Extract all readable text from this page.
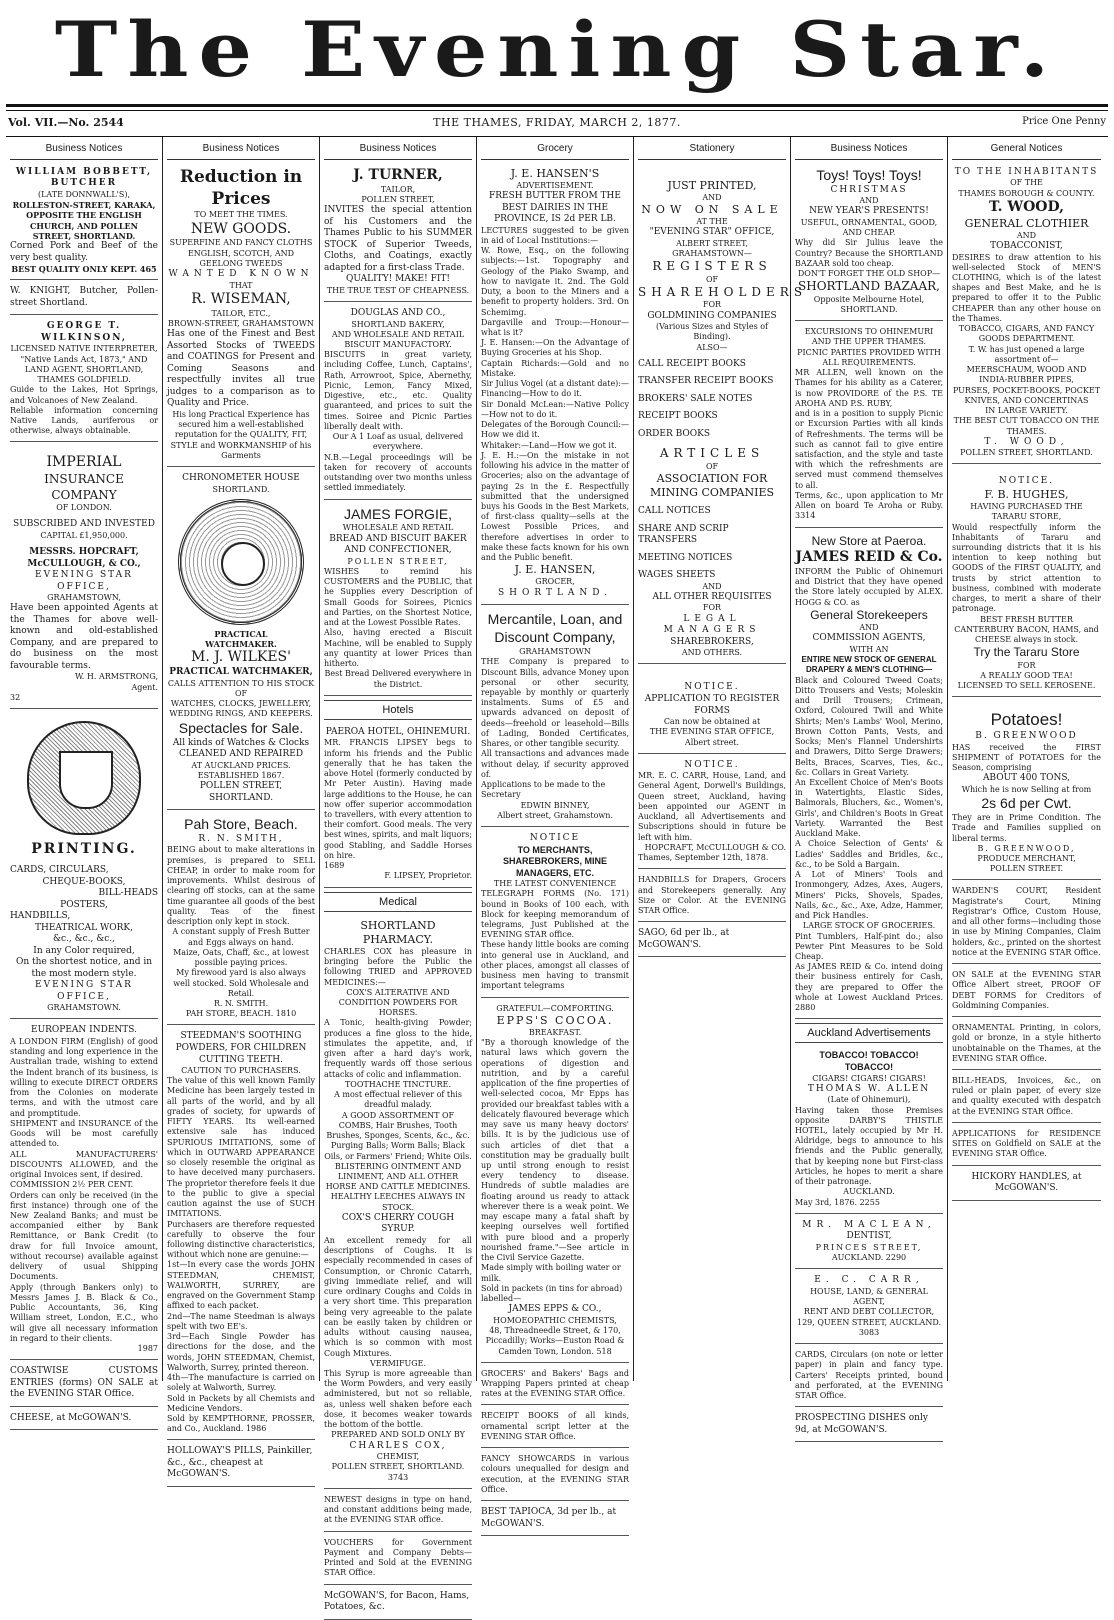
The Evening Star.
Vol. VII.—No. 2544	THE THAMES, FRIDAY, MARCH 2, 1877.	Price One Penny
Business Notices
WILLIAM BOBBETT, BUTCHER
(LATE DONNWALL'S),
ROLLESTON-STREET, KARAKA, OPPOSITE THE ENGLISH CHURCH, AND POLLEN STREET, SHORTLAND.
Corned Pork and Beef of the very best quality.
BEST QUALITY ONLY KEPT. 465
W. KNIGHT, Butcher, Pollen-street Shortland.
GEORGE T. WILKINSON,
LICENSED NATIVE INTERPRETER, "Native Lands Act, 1873," AND LAND AGENT, SHORTLAND, THAMES GOLDFIELD.
Guide to the Lakes, Hot Springs, and Volcanoes of New Zealand.
Reliable information concerning Native Lands, auriferous or otherwise, always obtainable.
IMPERIAL
INSURANCE COMPANY
OF LONDON.
SUBSCRIBED AND INVESTED
CAPITAL £1,950,000.
MESSRS. HOPCRAFT, McCULLOUGH, & CO.,
EVENING STAR OFFICE,
GRAHAMSTOWN,
Have been appointed Agents at the Thames for above well-known and old-established Company, and are prepared to do business on the most favourable terms.
W. H. ARMSTRONG,
Agent.
32
PRINTING.
CARDS, CIRCULARS,
CHEQUE-BOOKS,
BILL-HEADS
POSTERS,
HANDBILLS,
THEATRICAL WORK,
&c., &c., &c.,
In any Color required,
On the shortest notice, and in the most modern style.
EVENING STAR OFFICE,
GRAHAMSTOWN.
EUROPEAN INDENTS.
A LONDON FIRM (English) of good standing and long experience in the Australian trade, wishing to extend the Indent branch of its business, is willing to execute DIRECT ORDERS from the Colonies on moderate terms, and with the utmost care and promptitude.
SHIPMENT and INSURANCE of the Goods will be most carefully attended to.
ALL MANUFACTURERS' DISCOUNTS ALLOWED, and the original Invoices sent, if desired.
COMMISSION 2½ PER CENT.
Orders can only be received (in the first instance) through one of the New Zealand Banks; and must be accompanied either by Bank Remittance, or Bank Credit (to draw for full Invoice amount, without recourse) available against delivery of usual Shipping Documents.
Apply (through Bankers only) to Messrs James J. B. Black & Co., Public Accountants, 36, King William street, London, E.C., who will give all necessary information in regard to their clients.
1987
COASTWISE CUSTOMS ENTRIES (forms) ON SALE at the EVENING STAR Office.
CHEESE, at McGOWAN'S.
Business Notices
Reduction in Prices
TO MEET THE TIMES.
NEW GOODS.
SUPERFINE AND FANCY CLOTHS
ENGLISH, SCOTCH, AND GEELONG TWEEDS
WANTED KNOWN
THAT
R. WISEMAN,
TAILOR, ETC.,
BROWN-STREET, GRAHAMSTOWN
Has one of the Finest and Best Assorted Stocks of TWEEDS and COATINGS for Present and Coming Seasons and respectfully invites all true judges to a comparison as to Quality and Price.
His long Practical Experience has secured him a well-established reputation for the QUALITY, FIT, STYLE and WORKMANSHIP of his Garments
CHRONOMETER HOUSE
SHORTLAND.
PRACTICAL
WATCHMAKER.
M. J. WILKES'
PRACTICAL WATCHMAKER,
CALLS ATTENTION TO HIS STOCK OF
WATCHES, CLOCKS, JEWELLERY, WEDDING RINGS, AND KEEPERS.
Spectacles for Sale.
All kinds of Watches & Clocks CLEANED AND REPAIRED
AT AUCKLAND PRICES.
ESTABLISHED 1867.
POLLEN STREET, SHORTLAND.
Pah Store, Beach.
R. N. SMITH,
BEING about to make alterations in premises, is prepared to SELL CHEAP, in order to make room for improvements. Whilst desirous of clearing off stocks, can at the same time guarantee all goods of the best quality. Teas of the finest description only kept in stock.
A constant supply of Fresh Butter and Eggs always on hand.
Maize, Oats, Chaff, &c., at lowest possible paying prices.
My firewood yard is also always well stocked. Sold Wholesale and Retail.
R. N. SMITH.
PAH STORE, BEACH. 1810
STEEDMAN'S SOOTHING POWDERS, FOR CHILDREN CUTTING TEETH.
CAUTION TO PURCHASERS.
The value of this well known Family Medicine has been largely tested in all parts of the world, and by all grades of society, for upwards of FIFTY YEARS. Its well-earned extensive sale has induced SPURIOUS IMITATIONS, some of which in OUTWARD APPEARANCE so closely resemble the original as to have deceived many purchasers. The proprietor therefore feels it due to the public to give a special caution against the use of SUCH IMITATIONS.
Purchasers are therefore requested carefully to observe the four following distinctive characteristics, without which none are genuine:—
1st—In every case the words JOHN STEEDMAN, CHEMIST, WALWORTH, SURREY, are engraved on the Government Stamp affixed to each packet.
2nd—The name Steedman is always spelt with two EE's.
3rd—Each Single Powder has directions for the dose, and the words, JOHN STEEDMAN, Chemist, Walworth, Surrey, printed thereon.
4th—The manufacture is carried on solely at Walworth, Surrey.
Sold in Packets by all Chemists and Medicine Vendors.
Sold by KEMPTHORNE, PROSSER, and Co., Auckland. 1986
HOLLOWAY'S PILLS, Painkiller, &c., &c., cheapest at McGOWAN'S.
Business Notices
J. TURNER,
TAILOR,
POLLEN STREET,
INVITES the special attention of his Customers and the Thames Public to his SUMMER STOCK of Superior Tweeds, Cloths, and Coatings, exactly adapted for a first-class Trade.
QUALITY! MAKE! FIT!
THE TRUE TEST OF CHEAPNESS.
DOUGLAS AND CO.,
SHORTLAND BAKERY,
AND WHOLESALE AND RETAIL BISCUIT MANUFACTORY.
BISCUITS in great variety, including Coffee, Lunch, Captains', Rath, Arrowroot, Spice, Abernethy, Picnic, Lemon, Fancy Mixed, Digestive, etc., etc. Quality guaranteed, and prices to suit the times. Soiree and Picnic Parties liberally dealt with.
Our A 1 Loaf as usual, delivered everywhere.
N.B.—Legal proceedings will be taken for recovery of accounts outstanding over two months unless settled immediately.
JAMES FORGIE,
WHOLESALE AND RETAIL
BREAD AND BISCUIT BAKER AND CONFECTIONER,
POLLEN STREET,
WISHES to remind his CUSTOMERS and the PUBLIC, that he Supplies every Description of Small Goods for Soirees, Picnics and Parties, on the Shortest Notice, and at the Lowest Possible Rates.
Also, having erected a Biscuit Machine, will be enabled to Supply any quantity at lower Prices than hitherto.
Best Bread Delivered everywhere in the District.
Hotels
PAEROA HOTEL, OHINEMURI.
MR. FRANCIS LIPSEY begs to inform his friends and the Public generally that he has taken the above Hotel (formerly conducted by Mr Peter Austin). Having made large additions to the House, he can now offer superior accommodation to travellers, with every attention to their comfort. Good meals. The very best wines, spirits, and malt liquors; good Stabling, and Saddle Horses on hire.
1689
F. LIPSEY, Proprietor.
Medical
SHORTLAND PHARMACY.
CHARLES COX has pleasure in bringing before the Public the following TRIED and APPROVED MEDICINES:—
COX'S ALTERATIVE AND CONDITION POWDERS FOR HORSES.
A Tonic, health-giving Powder; produces a fine gloss to the hide, stimulates the appetite, and, if given after a hard day's work, frequently wards off those serious attacks of colic and inflammation.
TOOTHACHE TINCTURE.
A most effectual reliever of this dreadful malady.
A GOOD ASSORTMENT OF COMBS, Hair Brushes, Tooth Brushes, Sponges, Scents, &c., &c.
Purging Balls; Worm Balls; Black Oils, or Farmers' Friend; White Oils.
BLISTERING OINTMENT AND LINIMENT, AND ALL OTHER HORSE AND CATTLE MEDICINES.
HEALTHY LEECHES ALWAYS IN STOCK.
COX'S CHERRY COUGH SYRUP.
An excellent remedy for all descriptions of Coughs. It is especially recommended in cases of Consumption, or Chronic Catarrh, giving immediate relief, and will cure ordinary Coughs and Colds in a very short time. This preparation being very agreeable to the palate can be easily taken by children or adults without causing nausea, which is so common with most Cough Mixtures.
VERMIFUGE.
This Syrup is more agreeable than the Worm Powders, and very easily administered, but not so reliable, as, unless well shaken before each dose, it becomes weaker towards the bottom of the bottle.
PREPARED AND SOLD ONLY BY
CHARLES COX,
CHEMIST,
POLLEN STREET, SHORTLAND. 3743
NEWEST designs in type on hand, and constant additions being made, at the EVENING STAR office.
VOUCHERS for Government Payment and Company Debts—Printed and Sold at the EVENING STAR Office.
McGOWAN'S, for Bacon, Hams, Potatoes, &c.
Grocery
J. E. HANSEN'S
ADVERTISEMENT.
FRESH BUTTER FROM THE BEST DAIRIES IN THE PROVINCE, IS 2d PER LB.
LECTURES suggested to be given in aid of Local Institutions:—
W. Rowe, Esq., on the following subjects:—1st. Topography and Geology of the Piako Swamp, and how to navigate it. 2nd. The Gold Duty, a boon to the Miners and a benefit to property holders. 3rd. On Schemimg.
Dargaville and Troup:—Honour—what is it?
J. E. Hansen:—On the Advantage of Buying Groceries at his Shop.
Captain Richards:—Gold and no Mistake.
Sir Julius Vogel (at a distant date):—Financing—How to do it.
Sir Donald McLean:—Native Policy—How not to do it.
Delegates of the Borough Council:—How we did it.
Whitaker:—Land—How we got it.
J. E. H.:—On the mistake in not following his advice in the matter of Groceries; also on the advantage of paying 2s in the £. Respectfully submitted that the undersigned buys his Goods in the Best Markets, of first-class quality—sells at the Lowest Possible Prices, and therefore advertises in order to make these facts known for his own and the Public benefit.
J. E. HANSEN,
GROCER,
SHORTLAND.
Mercantile, Loan, and Discount Company,
GRAHAMSTOWN
THE Company is prepared to Discount Bills, advance Money upon personal or other security, repayable by monthly or quarterly instalments. Sums of £5 and upwards advanced on deposit of deeds—freehold or leasehold—Bills of Lading, Bonded Certificates, Shares, or other tangible security.
All transactions and advances made without delay, if security approved of.
Applications to be made to the Secretary
EDWIN BINNEY,
Albert street, Grahamstown.
NOTICE
TO MERCHANTS, SHAREBROKERS, MINE MANAGERS, ETC.
THE LATEST CONVENIENCE
TELEGRAPH FORMS (No. 171) bound in Books of 100 each, with Block for keeping memorandum of telegrams, Just Published at the EVENING STAR office.
These handy little books are coming into general use in Auckland, and other places, amongst all classes of business men having to transmit important telegrams
GRATEFUL—COMFORTING.
EPPS'S COCOA.
BREAKFAST.
"By a thorough knowledge of the natural laws which govern the operations of digestion and nutrition, and by a careful application of the fine properties of well-selected cocoa, Mr Epps has provided our breakfast tables with a delicately flavoured beverage which may save us many heavy doctors' bills. It is by the judicious use of such articles of diet that a constitution may be gradually built up until strong enough to resist every tendency to disease. Hundreds of subtle maladies are floating around us ready to attack wherever there is a weak point. We may escape many a fatal shaft by keeping ourselves well fortified with pure blood and a properly nourished frame."—See article in the Civil Service Gazette.
Made simply with boiling water or milk.
Sold in packets (in tins for abroad) labelled—
JAMES EPPS & CO.,
HOMOEOPATHIC CHEMISTS,
48, Threadneedle Street, & 170, Piccadilly; Works—Euston Road & Camden Town, London. 518
GROCERS' and Bakers' Bags and Wrapping Papers printed at cheap rates at the EVENING STAR Office.
RECEIPT BOOKS of all kinds, ornamental script letter at the EVENING STAR Office.
FANCY SHOWCARDS in various colours unequalled for design and execution, at the EVENING STAR Office.
BEST TAPIOCA, 3d per lb., at McGOWAN'S.
Stationery
JUST PRINTED,
AND
NOW ON SALE
AT THE
"EVENING STAR" OFFICE,
ALBERT STREET,
GRAHAMSTOWN—
REGISTERS
OF
SHAREHOLDERS
FOR
GOLDMINING COMPANIES
(Various Sizes and Styles of Binding).
ALSO—
CALL RECEIPT BOOKS
TRANSFER RECEIPT BOOKS
BROKERS' SALE NOTES
RECEIPT BOOKS
ORDER BOOKS
ARTICLES
OF
ASSOCIATION FOR MINING COMPANIES
CALL NOTICES
SHARE AND SCRIP TRANSFERS
MEETING NOTICES
WAGES SHEETS
AND
ALL OTHER REQUISITES
FOR
LEGAL MANAGERS
SHAREBROKERS,
AND OTHERS.
NOTICE.
APPLICATION TO REGISTER FORMS
Can now be obtained at
THE EVENING STAR OFFICE,
Albert street.
NOTICE.
MR. E. C. CARR, House, Land, and General Agent, Dorwell's Buildings, Queen street, Auckland, having been appointed our AGENT in Auckland, all Advertisements and Subscriptions should in future be left with him.
HOPCRAFT, McCULLOUGH & CO.
Thames, September 12th, 1878.
HANDBILLS for Drapers, Grocers and Storekeepers generally. Any Size or Color. At the EVENING STAR Office.
SAGO, 6d per lb., at McGOWAN'S.
Business Notices
Toys! Toys! Toys!
CHRISTMAS
AND
NEW YEAR'S PRESENTS!
USEFUL, ORNAMENTAL, GOOD, AND CHEAP.
Why did Sir Julius leave the Country? Because the SHORTLAND BAZAAR sold too cheap.
DON'T FORGET THE OLD SHOP—
SHORTLAND BAZAAR,
Opposite Melbourne Hotel,
SHORTLAND.
EXCURSIONS TO OHINEMURI AND THE UPPER THAMES.
PICNIC PARTIES PROVIDED WITH ALL REQUIREMENTS.
MR ALLEN, well known on the Thames for his ability as a Caterer, is now PROVIDORE of the P.S. TE AROHA AND P.S. RUBY,
and is in a position to supply Picnic or Excursion Parties with all kinds of Refreshments. The terms will be such as cannot fail to give entire satisfaction, and the style and taste with which the refreshments are served must commend themselves to all.
Terms, &c., upon application to Mr Allen on board Te Aroha or Ruby. 3314
New Store at Paeroa.
JAMES REID & Co.
INFORM the Public of Ohinemuri and District that they have opened the Store lately occupied by ALEX. HOGG & CO. as
General Storekeepers
AND
COMMISSION AGENTS,
WITH AN
ENTIRE NEW STOCK OF GENERAL DRAPERY & MEN'S CLOTHING—
Black and Coloured Tweed Coats; Ditto Trousers and Vests; Moleskin and Drill Trousers; Crimean, Oxford, Coloured Twill and White Shirts; Men's Lambs' Wool, Merino, Brown Cotton Pants, Vests, and Socks; Men's Flannel Undershirts and Drawers, Ditto Serge Drawers; Belts, Braces, Scarves, Ties, &c., &c. Collars in Great Variety.
An Excellent Choice of Men's Boots in Watertights, Elastic Sides, Balmorals, Bluchers, &c., Women's, Girls', and Children's Boots in Great Variety. Warranted the Best Auckland Make.
A Choice Selection of Gents' & Ladies' Saddles and Bridles, &c., &c., to be Sold a Bargain.
A Lot of Miners' Tools and Ironmongery, Adzes, Axes, Augers, Miners' Picks, Shovels, Spades, Nails, &c., &c., Axe, Adze, Hammer, and Pick Handles.
LARGE STOCK OF GROCERIES.
Pint Tumblers, Half-pint do.; also Pewter Pint Measures to be Sold Cheap.
As JAMES REID & Co. intend doing their business entirely for Cash, they are prepared to Offer the whole at Lowest Auckland Prices. 2880
Auckland Advertisements
TOBACCO! TOBACCO! TOBACCO!
CIGARS! CIGARS! CIGARS!
THOMAS W. ALLEN
(Late of Ohinemuri),
Having taken those Premises opposite DARBY'S THISTLE HOTEL, lately occupied by Mr H. Aldridge, begs to announce to his friends and the Public generally, that by keeping none but First-class Articles, he hopes to merit a share of their patronage.
AUCKLAND.
May 3rd, 1876. 2255
MR. MACLEAN,
DENTIST,
PRINCES STREET,
AUCKLAND. 2290
E. C. CARR,
HOUSE, LAND, & GENERAL AGENT,
RENT AND DEBT COLLECTOR,
129, QUEEN STREET, AUCKLAND. 3083
CARDS, Circulars (on note or letter paper) in plain and fancy type. Carters' Receipts printed, bound and perforated, at the EVENING STAR Office.
PROSPECTING DISHES only 9d, at McGOWAN'S.
General Notices
TO THE INHABITANTS
OF THE
THAMES BOROUGH & COUNTY.
T. WOOD,
GENERAL CLOTHIER
AND
TOBACCONIST,
DESIRES to draw attention to his well-selected Stock of MEN'S CLOTHING, which is of the latest shapes and Best Make, and he is prepared to offer it to the Public CHEAPER than any other house on the Thames.
TOBACCO, CIGARS, AND FANCY GOODS DEPARTMENT.
T. W. has just opened a large assortment of—
MEERSCHAUM, WOOD AND INDIA-RUBBER PIPES,
PURSES, POCKET-BOOKS, POCKET KNIVES, AND CONCERTINAS
IN LARGE VARIETY.
THE BEST CUT TOBACCO ON THE THAMES.
T. WOOD,
POLLEN STREET, SHORTLAND.
NOTICE.
F. B. HUGHES,
HAVING PURCHASED THE TARARU STORE,
Would respectfully inform the Inhabitants of Tararu and surrounding districts that it is his intention to keep nothing but GOODS of the FIRST QUALITY, and trusts by strict attention to business, combined with moderate charges, to merit a share of their patronage.
BEST FRESH BUTTER
CANTERBURY BACON, HAMS, and CHEESE always in stock.
Try the Tararu Store
FOR
A REALLY GOOD TEA!
LICENSED TO SELL KEROSENE.
Potatoes!
B. GREENWOOD
HAS received the FIRST SHIPMENT of POTATOES for the Season, comprising
ABOUT 400 TONS,
Which he is now Selling at from
2s 6d per Cwt.
They are in Prime Condition. The Trade and Families supplied on liberal terms.
B. GREENWOOD,
PRODUCE MERCHANT,
POLLEN STREET.
WARDEN'S COURT, Resident Magistrate's Court, Mining Registrar's Office, Custom House, and all other forms—including those in use by Mining Companies, Claim holders, &c., printed on the shortest notice at the EVENING STAR Office.
ON SALE at the EVENING STAR Office Albert street, PROOF OF DEBT FORMS for Creditors of Goldmining Companies.
ORNAMENTAL Printing, in colors, gold or bronze, in a style hitherto unobtainable on the Thames, at the EVENING STAR Office.
BILL-HEADS, Invoices, &c., on ruled or plain paper, of every size and quality executed with despatch at the EVENING STAR Office.
APPLICATIONS for RESIDENCE SITES on Goldfield on SALE at the EVENING STAR Office.
HICKORY HANDLES, at McGOWAN'S.
